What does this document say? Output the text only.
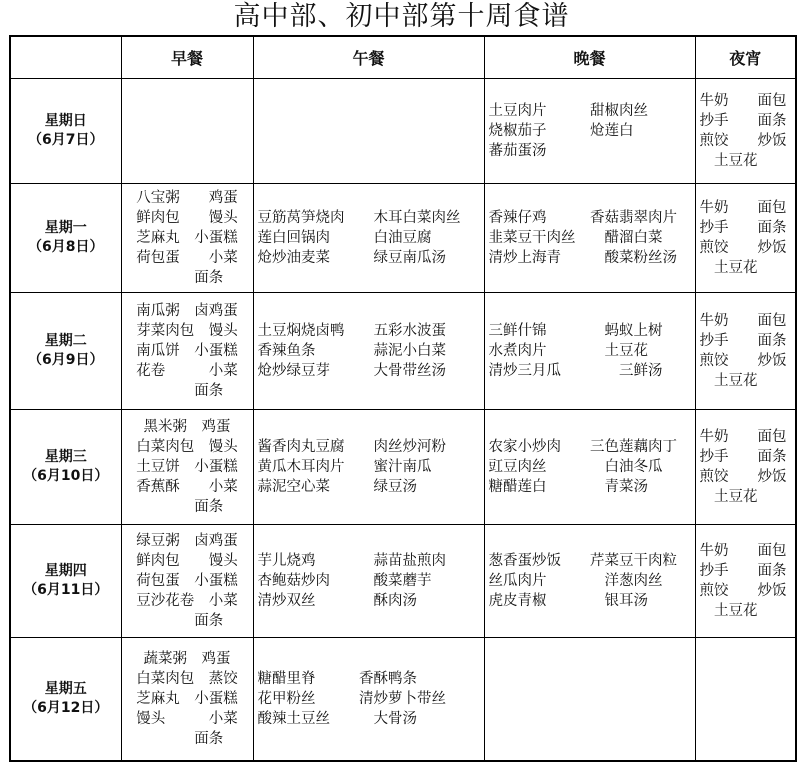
高中部、初中部第十周食谱
	早餐	午餐	晚餐	夜宵

星期日
（6月7日）			土豆肉片　　　甜椒肉丝
烧椒茄子　　　炝莲白
蕃茄蛋汤	牛奶　　面包
抄手　　面条
煎饺　　炒饭
　土豆花

星期一
（6月8日）	八宝粥　　鸡蛋
鲜肉包　　馒头
芝麻丸　小蛋糕
荷包蛋　　小菜
　　　面条	豆筋莴笋烧肉　　木耳白菜肉丝
莲白回锅肉　　　白油豆腐
炝炒油麦菜　　　绿豆南瓜汤	香辣仔鸡　　　香菇翡翠肉片
韭菜豆干肉丝　　醋溜白菜
清炒上海青　　　酸菜粉丝汤	牛奶　　面包
抄手　　面条
煎饺　　炒饭
　土豆花

星期二
（6月9日）	南瓜粥　卤鸡蛋
芽菜肉包　馒头
南瓜饼　小蛋糕
花卷　　　小菜
　　　面条	土豆焖烧卤鸭　　五彩水波蛋
香辣鱼条　　　　蒜泥小白菜
炝炒绿豆芽　　　大骨带丝汤	三鲜什锦　　　　蚂蚁上树
水煮肉片　　　　土豆花
清炒三月瓜　　　　三鲜汤	牛奶　　面包
抄手　　面条
煎饺　　炒饭
　土豆花

星期三
（6月10日）	黑米粥　鸡蛋
白菜肉包　馒头
土豆饼　小蛋糕
香蕉酥　　小菜
　　　面条	酱香肉丸豆腐　　肉丝炒河粉
黄瓜木耳肉片　　蜜汁南瓜
蒜泥空心菜　　　绿豆汤	农家小炒肉　　三色莲藕肉丁
豇豆肉丝　　　　白油冬瓜
糖醋莲白　　　　青菜汤	牛奶　　面包
抄手　　面条
煎饺　　炒饭
　土豆花

星期四
（6月11日）	绿豆粥　卤鸡蛋
鲜肉包　　馒头
荷包蛋　小蛋糕
豆沙花卷　小菜
　　　面条	芋儿烧鸡　　　　蒜苗盐煎肉
杏鲍菇炒肉　　　酸菜蘑芋
清炒双丝　　　　酥肉汤	葱香蛋炒饭　　芹菜豆干肉粒
丝瓜肉片　　　　洋葱肉丝
虎皮青椒　　　　银耳汤	牛奶　　面包
抄手　　面条
煎饺　　炒饭
　土豆花

星期五
（6月12日）	蔬菜粥　鸡蛋
白菜肉包　蒸饺
芝麻丸　小蛋糕
馒头　　　小菜
　　　面条	糖醋里脊　　　香酥鸭条
花甲粉丝　　　清炒萝卜带丝
酸辣土豆丝　　　大骨汤		
